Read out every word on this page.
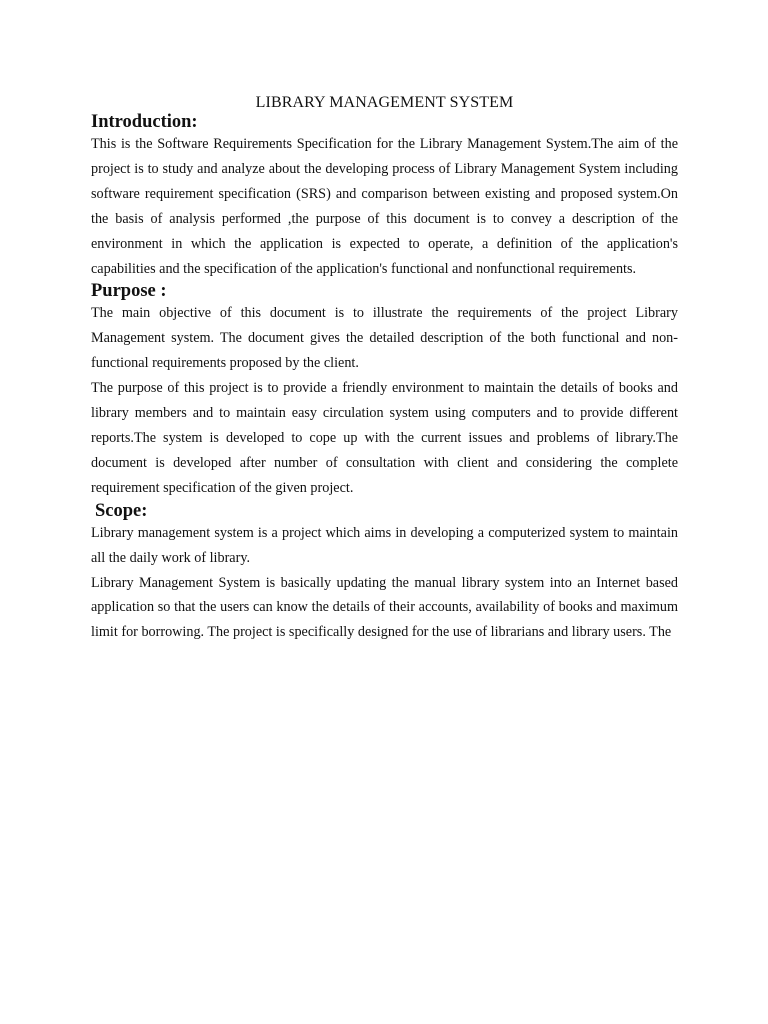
LIBRARY MANAGEMENT SYSTEM
Introduction:

This is the Software Requirements Specification for the Library Management System.The aim of the project is to study and analyze about the developing process of Library Management System including software requirement specification (SRS) and comparison between existing and proposed system.On the basis of analysis performed ,the purpose of this document is to convey a description of the environment in which the application is expected to operate, a definition of the application's capabilities and the specification of the application's functional and nonfunctional requirements.

Purpose :

The main objective of this document is to illustrate the requirements of the project Library Management system. The document gives the detailed description of the both functional and non-functional requirements proposed by the client.

The purpose of this project is to provide a friendly environment to maintain the details of books and library members and to maintain easy circulation system using computers and to provide different reports.The system is developed to cope up with the current issues and problems of library.The document is developed after number of consultation with client and considering the complete requirement specification of the given project.

Scope:

Library management system is a project which aims in developing a computerized system to maintain all the daily work of library.

Library Management System is basically updating the manual library system into an Internet based application so that the users can know the details of their accounts, availability of books and maximum limit for borrowing. The project is specifically designed for the use of librarians and library users. The
